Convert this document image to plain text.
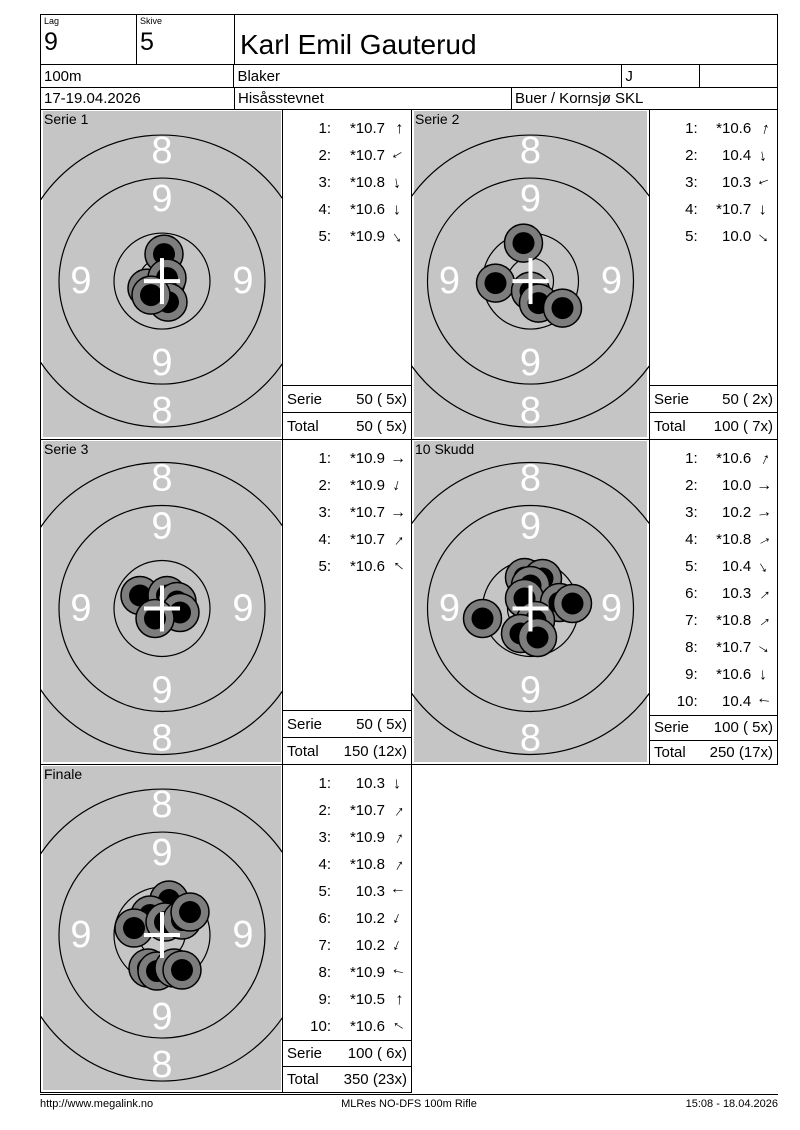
Lag
9
Skive
5	Karl Emil Gauterud
100m	Blaker	J
17-19.04.2026	Hisåsstevnet	Buer / Kornsjø SKL
8
9
9	9
9
8
Serie 1
1:	*10.7 →
2:	*10.7 →
3:	*10.8 →
4:	*10.6 →
5:	*10.9 →
Serie 50 ( 5x)
Total 50 ( 5x)
8
9
9	9
9
8
Serie 2
1:	*10.6 →
2:	10.4 →
3:	10.3 →
4:	*10.7 →
5:	10.0 →
Serie 50 ( 2x)
Total 100 ( 7x)
8
9
9	9
9
8
Serie 3
1:	*10.9 →
2:	*10.9 →
3:	*10.7 →
4:	*10.7 →
5:	*10.6 →
Serie 50 ( 5x)
Total 150 (12x)
8
9
9	9
9
8
10 Skudd
1:	*10.6 →
2:	10.0 →
3:	10.2 →
4:	*10.8 →
5:	10.4 →
6:	10.3 →
7:	*10.8 →
8:	*10.7 →
9:	*10.6 →
10:	10.4 →
Serie 100 ( 5x)
Total 250 (17x)
8
9
9	9
9
8
Finale
1:	10.3 →
2:	*10.7 →
3:	*10.9 →
4:	*10.8 →
5:	10.3 →
6:	10.2 →
7:	10.2 →
8:	*10.9 →
9:	*10.5 →
10:	*10.6 →
Serie 100 ( 6x)
Total 350 (23x)
http://www.megalink.no	MLRes NO-DFS 100m Rifle	15:08 - 18.04.2026
